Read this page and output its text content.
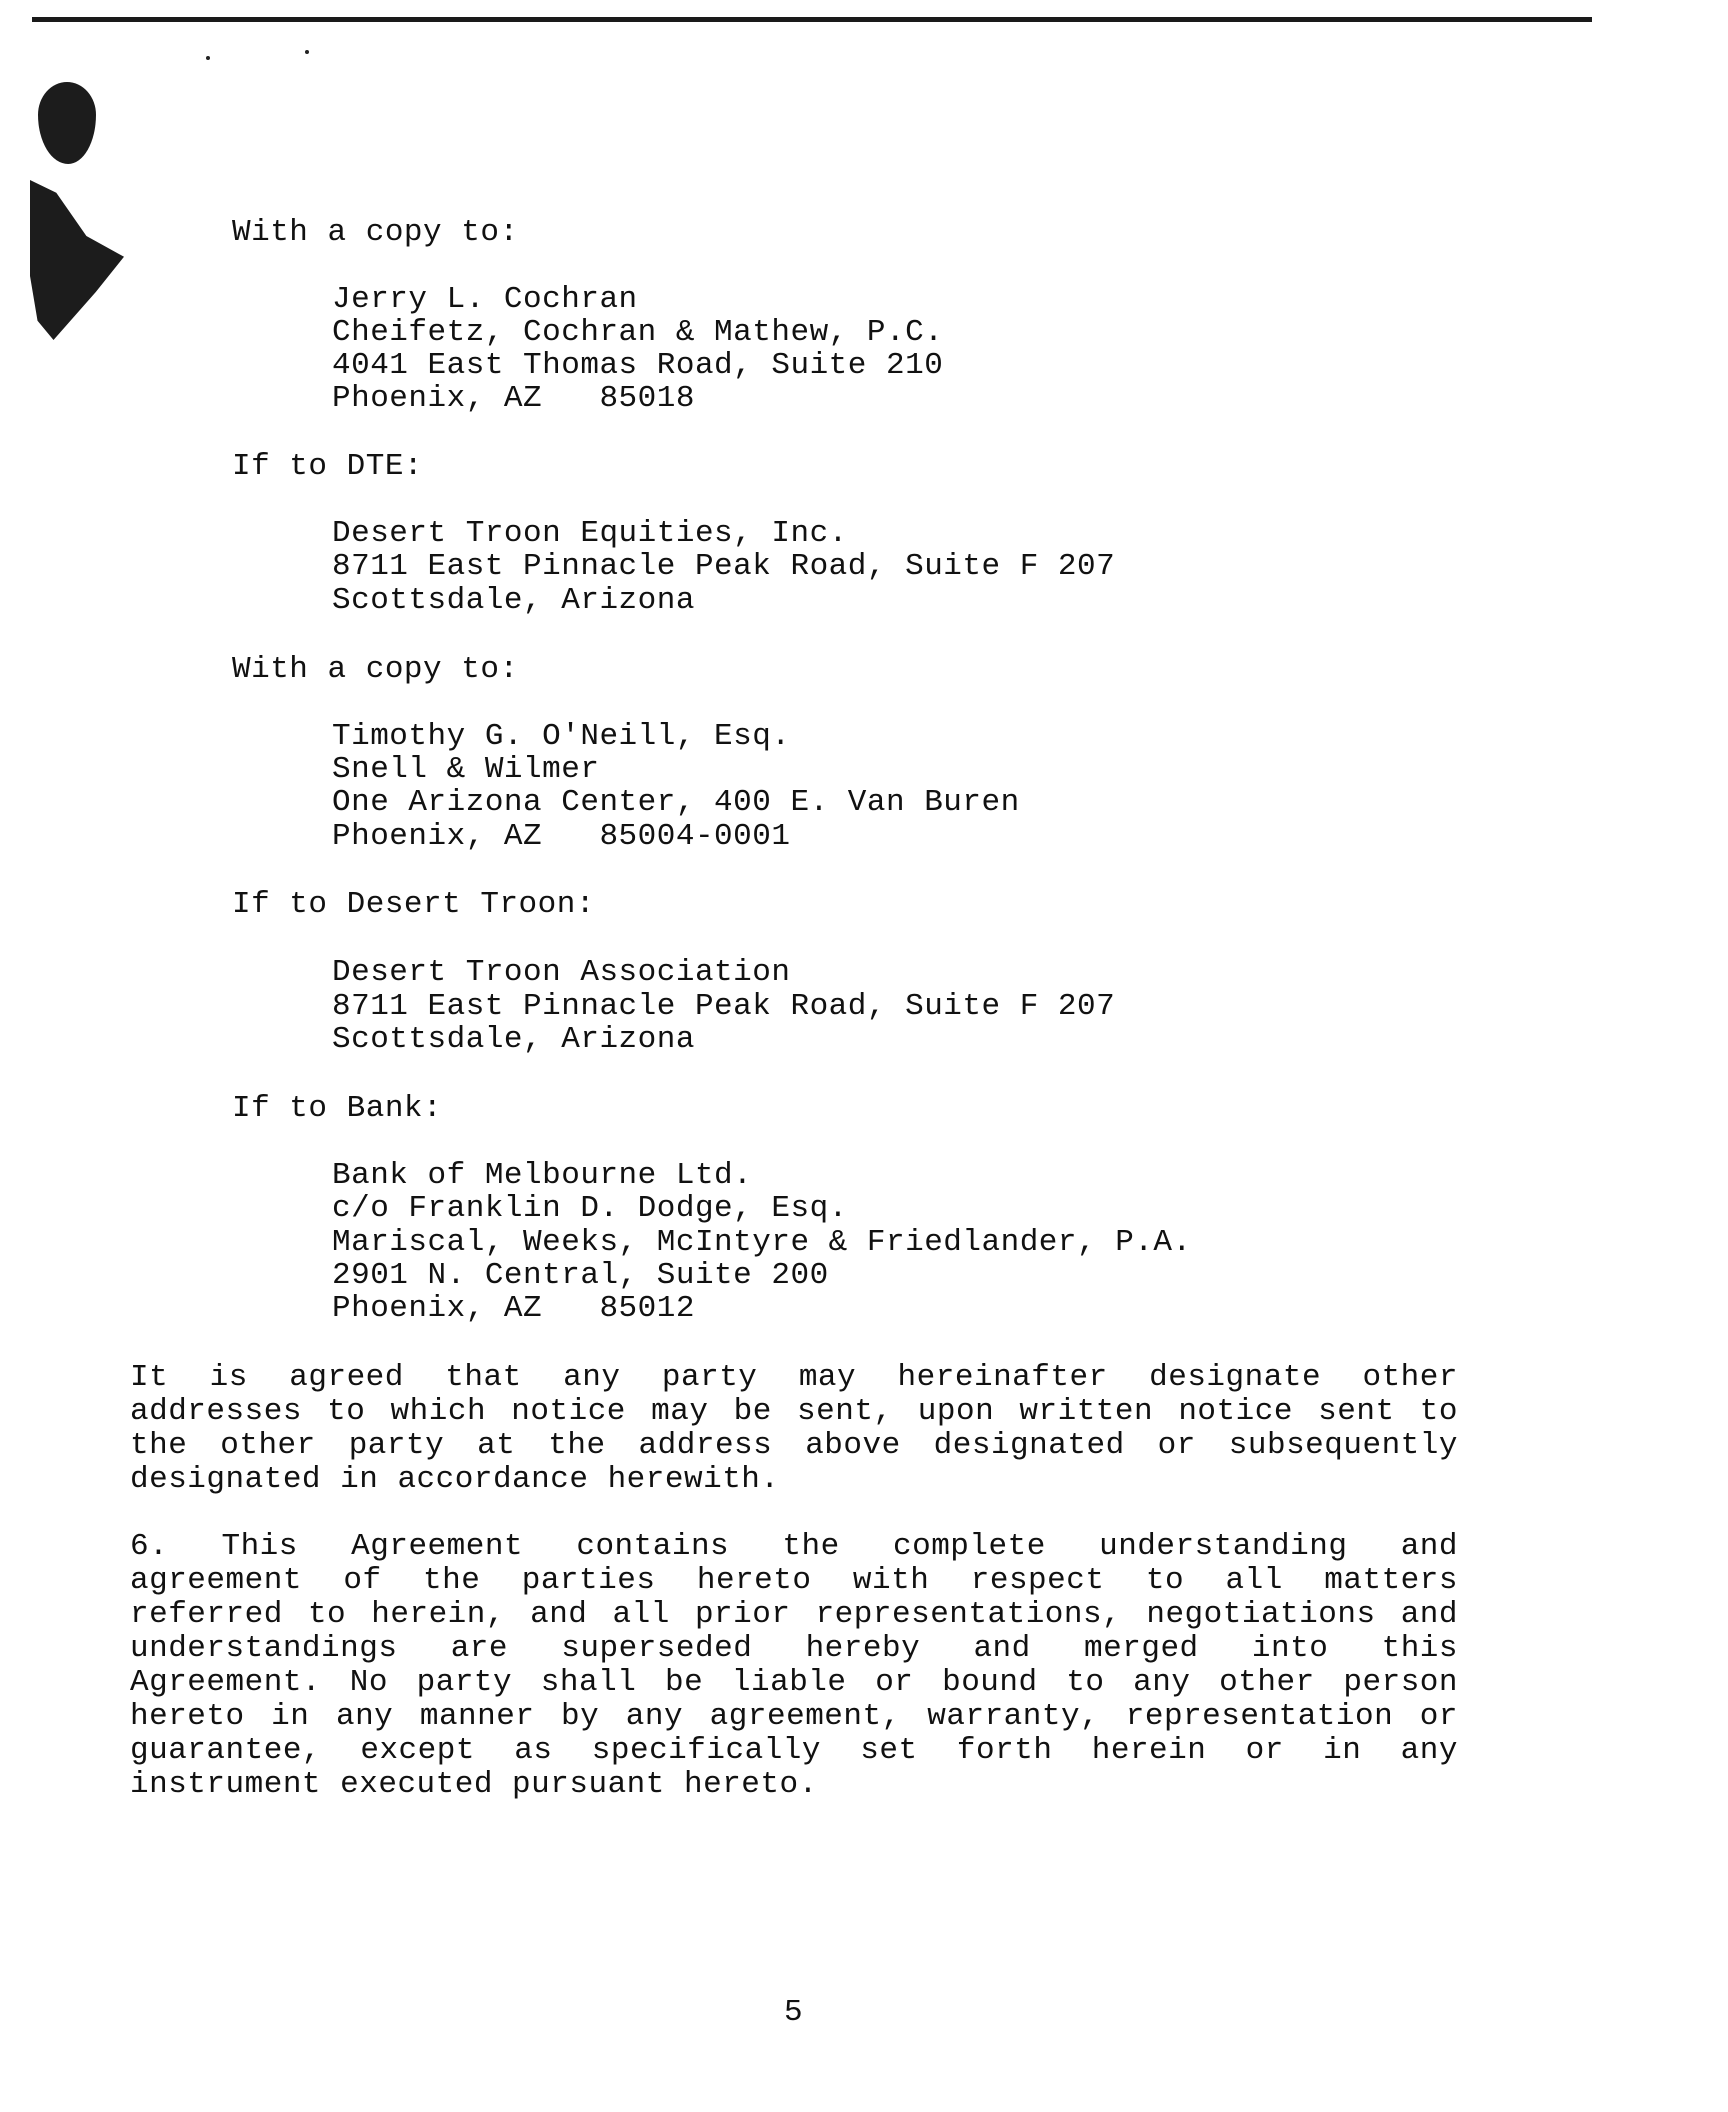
With a copy to:
Jerry L. Cochran
Cheifetz, Cochran & Mathew, P.C.
4041 East Thomas Road, Suite 210
Phoenix, AZ   85018
If to DTE:
Desert Troon Equities, Inc.
8711 East Pinnacle Peak Road, Suite F 207
Scottsdale, Arizona
With a copy to:
Timothy G. O'Neill, Esq.
Snell & Wilmer
One Arizona Center, 400 E. Van Buren
Phoenix, AZ   85004-0001
If to Desert Troon:
Desert Troon Association
8711 East Pinnacle Peak Road, Suite F 207
Scottsdale, Arizona
If to Bank:
Bank of Melbourne Ltd.
c/o Franklin D. Dodge, Esq.
Mariscal, Weeks, McIntyre & Friedlander, P.A.
2901 N. Central, Suite 200
Phoenix, AZ   85012
It is agreed that any party may hereinafter designate other
addresses to which notice may be sent, upon written notice sent to
the other party at the address above designated or subsequently
designated in accordance herewith.
6. This Agreement contains the complete understanding and
agreement of the parties hereto with respect to all matters
referred to herein, and all prior representations, negotiations and
understandings are superseded hereby and merged into this
Agreement. No party shall be liable or bound to any other person
hereto in any manner by any agreement, warranty, representation or
guarantee, except as specifically set forth herein or in any
instrument executed pursuant hereto.
5
